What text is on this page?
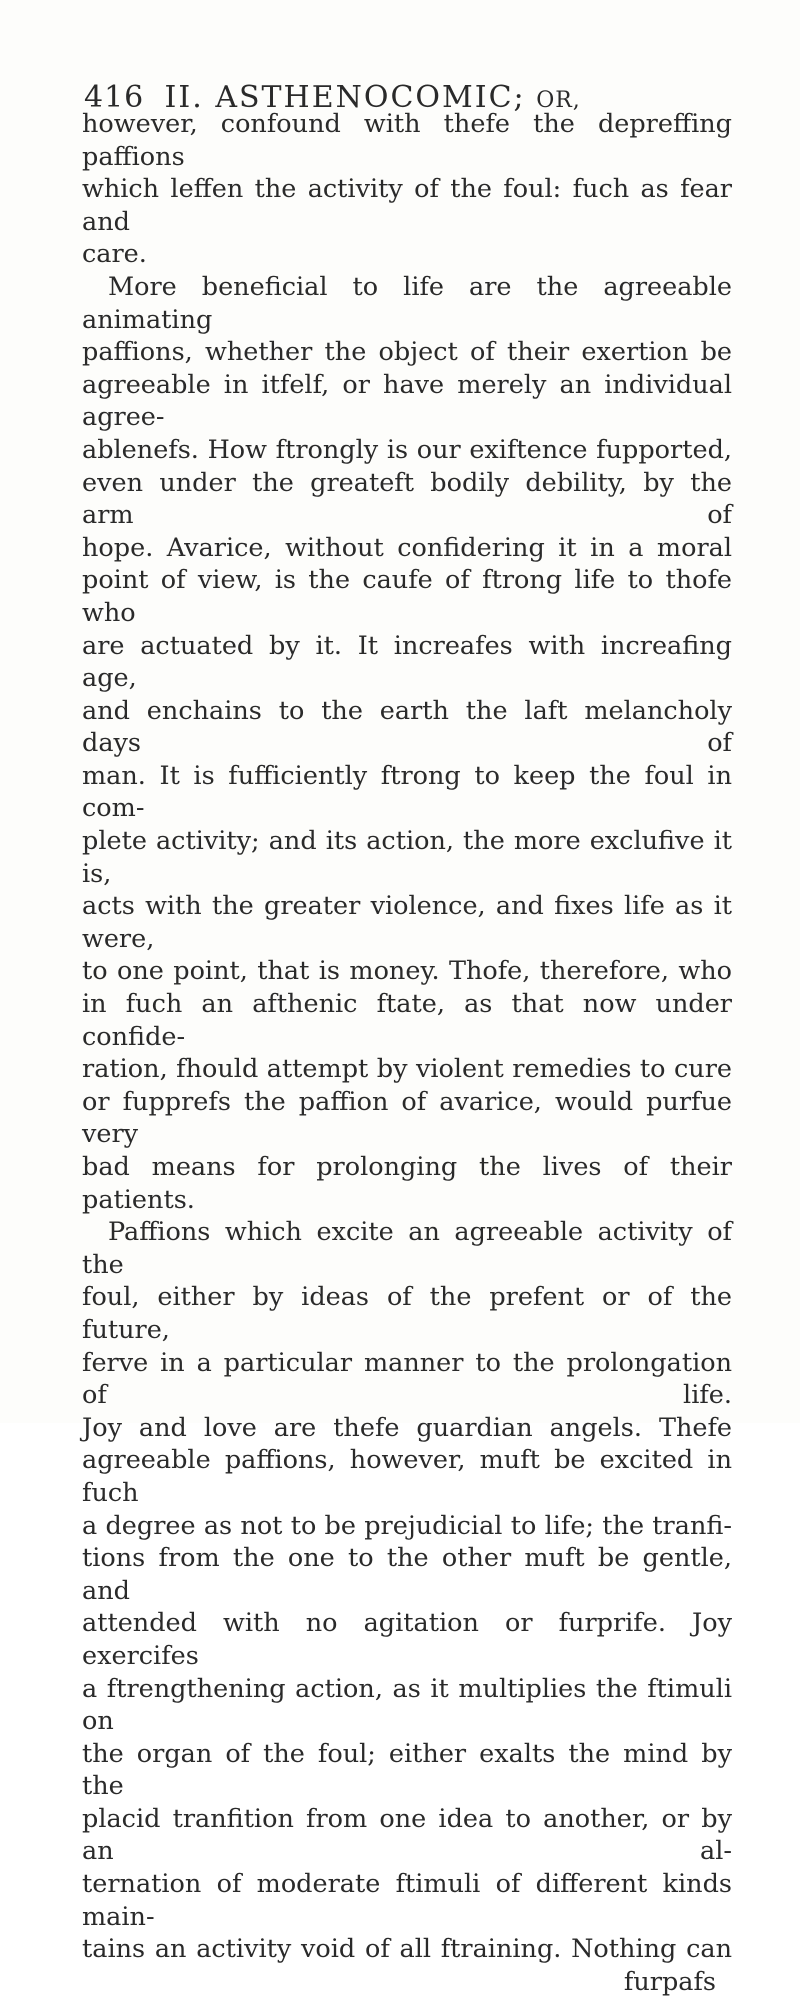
416 II. ASTHENOCOMIC; OR,

however, confound with thefe the depreffing paffions

which leffen the activity of the foul: fuch as fear and

care.

More beneficial to life are the agreeable animating

paffions, whether the object of their exertion be

agreeable in itfelf, or have merely an individual agree-

ablenefs. How ftrongly is our exiftence fupported,

even under the greateft bodily debility, by the arm of

hope. Avarice, without confidering it in a moral

point of view, is the caufe of ftrong life to thofe who

are actuated by it. It increafes with increafing age,

and enchains to the earth the laft melancholy days of

man. It is fufficiently ftrong to keep the foul in com-

plete activity; and its action, the more exclufive it is,

acts with the greater violence, and fixes life as it were,

to one point, that is money. Thofe, therefore, who

in fuch an afthenic ftate, as that now under confide-

ration, fhould attempt by violent remedies to cure

or fupprefs the paffion of avarice, would purfue very

bad means for prolonging the lives of their patients.

Paffions which excite an agreeable activity of the

foul, either by ideas of the prefent or of the future,

ferve in a particular manner to the prolongation of life.

Joy and love are thefe guardian angels. Thefe

agreeable paffions, however, muft be excited in fuch

a degree as not to be prejudicial to life; the tranfi-

tions from the one to the other muft be gentle, and

attended with no agitation or furprife. Joy exercifes

a ftrengthening action, as it multiplies the ftimuli on

the organ of the foul; either exalts the mind by the

placid tranfition from one idea to another, or by an al-

ternation of moderate ftimuli of different kinds main-

tains an activity void of all ftraining. Nothing can

furpafs
